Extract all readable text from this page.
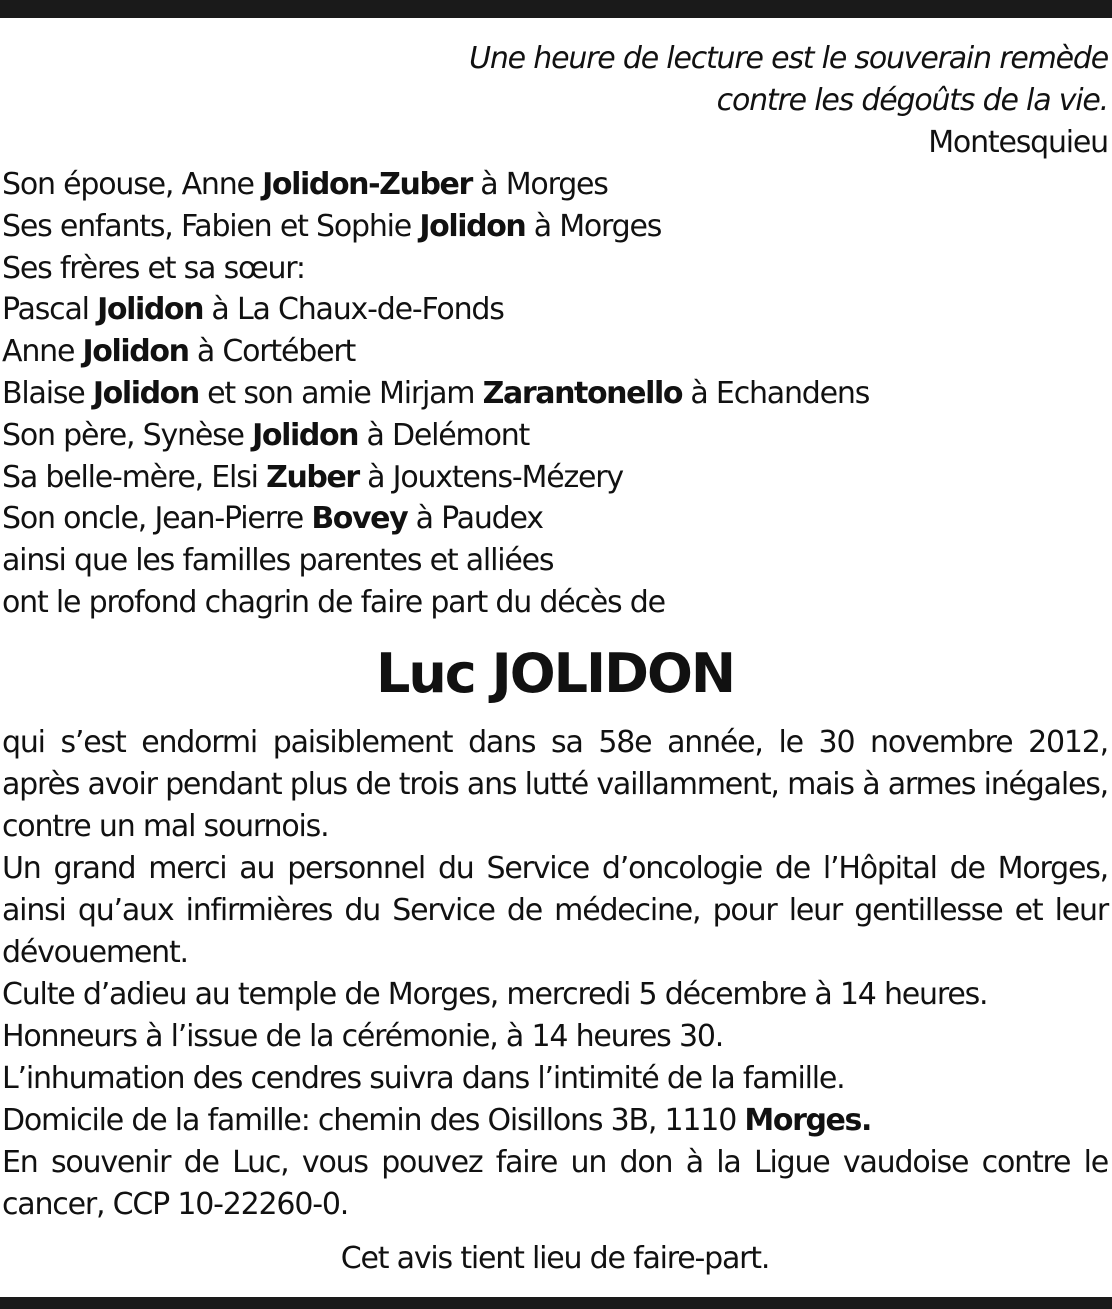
Une heure de lecture est le souverain remède
contre les dégoûts de la vie.
Montesquieu
Son épouse, Anne Jolidon-Zuber à Morges
Ses enfants, Fabien et Sophie Jolidon à Morges
Ses frères et sa sœur:
Pascal Jolidon à La Chaux-de-Fonds
Anne Jolidon à Cortébert
Blaise Jolidon et son amie Mirjam Zarantonello à Echandens
Son père, Synèse Jolidon à Delémont
Sa belle-mère, Elsi Zuber à Jouxtens-Mézery
Son oncle, Jean-Pierre Bovey à Paudex
ainsi que les familles parentes et alliées
ont le profond chagrin de faire part du décès de
Luc JOLIDON

qui s’est endormi paisiblement dans sa 58e année, le 30 novembre 2012, après avoir pendant plus de trois ans lutté vaillamment, mais à armes inégales, contre un mal sournois.

Un grand merci au personnel du Service d’oncologie de l’Hôpital de Morges, ainsi qu’aux infirmières du Service de médecine, pour leur gentillesse et leur dévouement.

Culte d’adieu au temple de Morges, mercredi 5 décembre à 14 heures.

Honneurs à l’issue de la cérémonie, à 14 heures 30.

L’inhumation des cendres suivra dans l’intimité de la famille.

Domicile de la famille: chemin des Oisillons 3B, 1110 Morges.

En souvenir de Luc, vous pouvez faire un don à la Ligue vaudoise contre le cancer, CCP 10-22260-0.

Cet avis tient lieu de faire-part.
